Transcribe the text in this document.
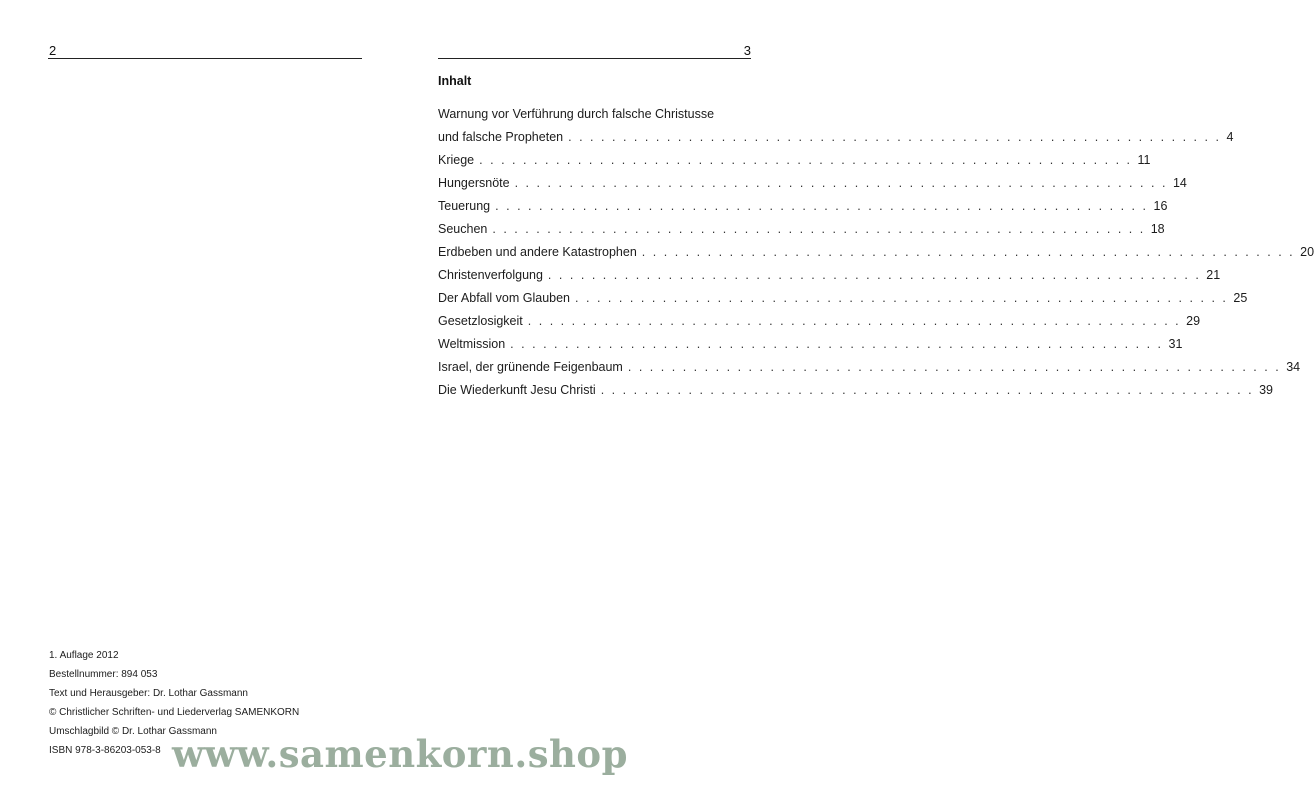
2
1. Auflage 2012
Bestellnummer: 894 053
Text und Herausgeber: Dr. Lothar Gassmann
© Christlicher Schriften- und Liederverlag SAMENKORN
Umschlagbild © Dr. Lothar Gassmann
ISBN 978-3-86203-053-8
3
Inhalt
Warnung vor Verführung durch falsche Christusse
und falsche Propheten ............................................................ 4
Kriege ............................................................ 11
Hungersnöte ............................................................ 14
Teuerung ............................................................ 16
Seuchen ............................................................ 18
Erdbeben und andere Katastrophen ............................................................ 20
Christenverfolgung ............................................................ 21
Der Abfall vom Glauben ............................................................ 25
Gesetzlosigkeit ............................................................ 29
Weltmission ............................................................ 31
Israel, der grünende Feigenbaum ............................................................ 34
Die Wiederkunft Jesu Christi ............................................................ 39
www.samenkorn.shop
